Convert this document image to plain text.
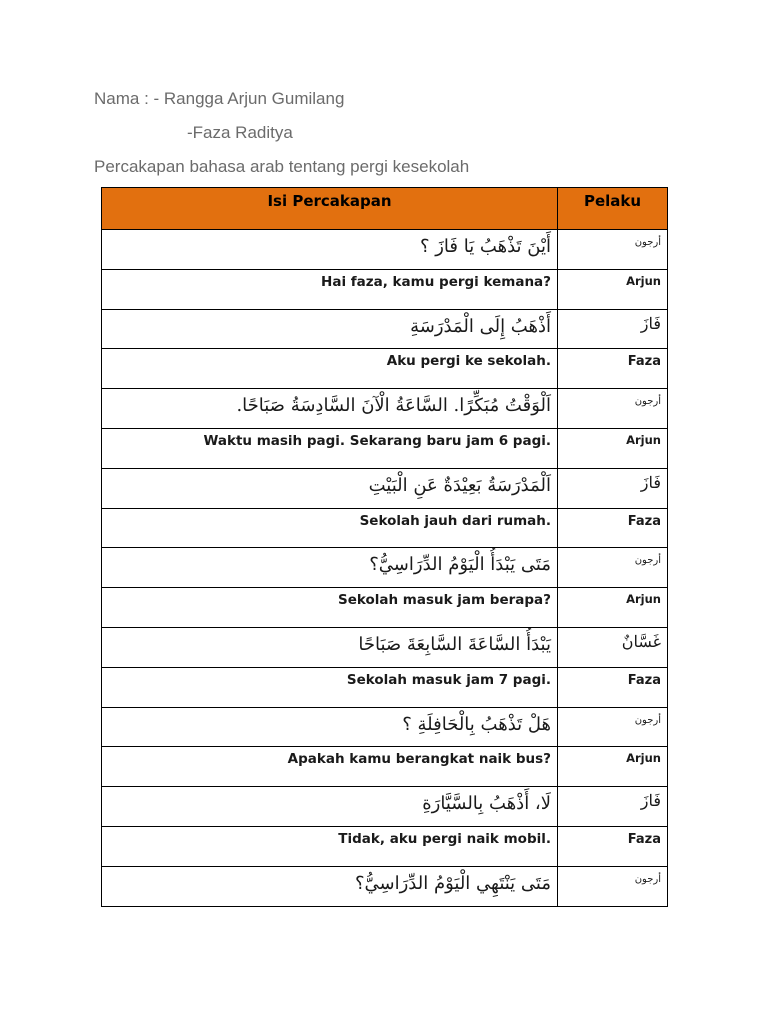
Nama : - Rangga Arjun Gumilang
-Faza Raditya
Percakapan bahasa arab tentang pergi kesekolah
Isi Percakapan	Pelaku
أَيْنَ تَذْهَبُ يَا فَازَ ؟	أرجون
Hai faza, kamu pergi kemana?	Arjun
أَذْهَبُ إِلَى الْمَدْرَسَةِ	فَازَ
Aku pergi ke sekolah.	Faza
اَلْوَقْتُ مُبَكِّرًا. السَّاعَةُ الْآنَ السَّادِسَةُ صَبَاحًا.	أرجون
Waktu masih pagi. Sekarang baru jam 6 pagi.	Arjun
اَلْمَدْرَسَةُ بَعِيْدَةٌ عَنِ الْبَيْتِ	فَازَ
Sekolah jauh dari rumah.	Faza
مَتَى يَبْدَأُ الْيَوْمُ الدِّرَاسِيُّ؟	أرجون
Sekolah masuk jam berapa?	Arjun
يَبْدَأُ السَّاعَةَ السَّابِعَةَ صَبَاحًا	غَسَّانٌ
Sekolah masuk jam 7 pagi.	Faza
هَلْ تَذْهَبُ بِالْحَافِلَةِ ؟	أرجون
Apakah kamu berangkat naik bus?	Arjun
لَا، أَذْهَبُ بِالسَّيَّارَةِ	فَازَ
Tidak, aku pergi naik mobil.	Faza
مَتَى يَنْتَهِي الْيَوْمُ الدِّرَاسِيُّ؟	أرجون
